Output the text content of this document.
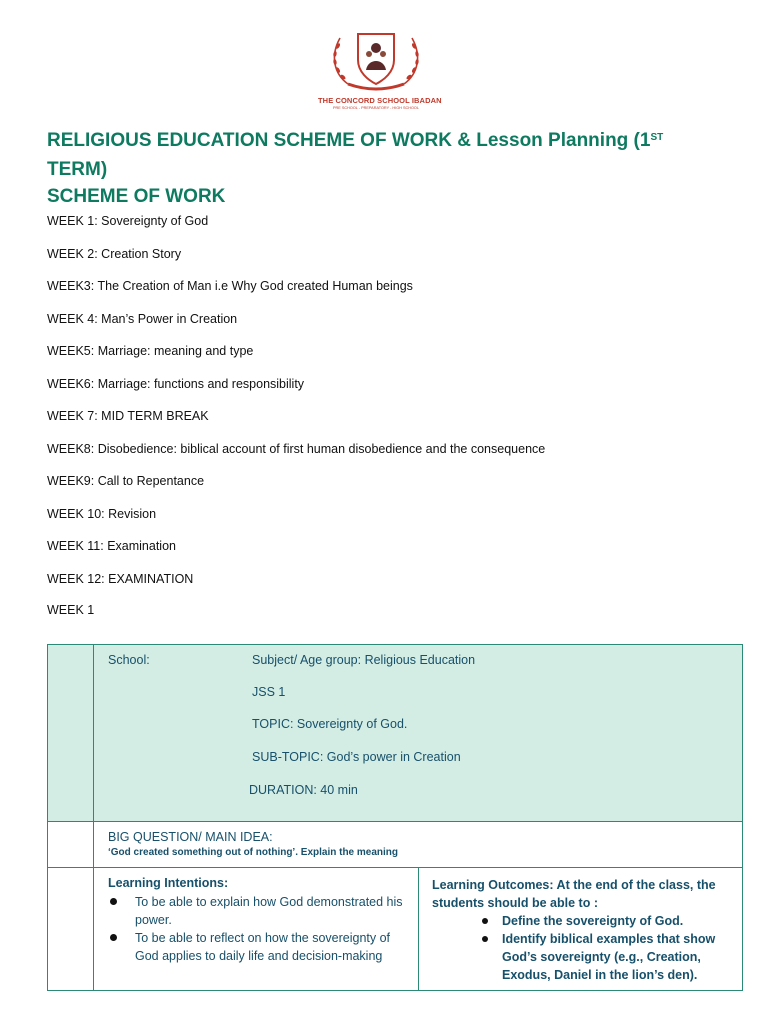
THE CONCORD SCHOOL IBADAN
PRE SCHOOL - PREPARATORY - HIGH SCHOOL
RELIGIOUS EDUCATION SCHEME OF WORK & Lesson Planning (1ST
TERM)
SCHEME OF WORK
WEEK 1: Sovereignty of God
WEEK 2: Creation Story
WEEK3: The Creation of Man i.e Why God created Human beings
WEEK 4: Man’s Power in Creation
WEEK5: Marriage: meaning and type
WEEK6: Marriage: functions and responsibility
WEEK 7: MID TERM BREAK
WEEK8: Disobedience: biblical account of first human disobedience and the consequence
WEEK9: Call to Repentance
WEEK 10: Revision
WEEK 11: Examination
WEEK 12: EXAMINATION
WEEK 1
School:	Subject/ Age group: Religious Education
JSS 1
TOPIC: Sovereignty of God.
SUB-TOPIC: God’s power in Creation
DURATION: 40 min
BIG QUESTION/ MAIN IDEA:
‘God created something out of nothing’. Explain the meaning
Learning Intentions:
To be able to explain how God demonstrated his power.
To be able to reflect on how the sovereignty of God applies to daily life and decision-making
Learning Outcomes: At the end of the class, the students should be able to :
Define the sovereignty of God.
Identify biblical examples that show God’s sovereignty (e.g., Creation, Exodus, Daniel in the lion’s den).
